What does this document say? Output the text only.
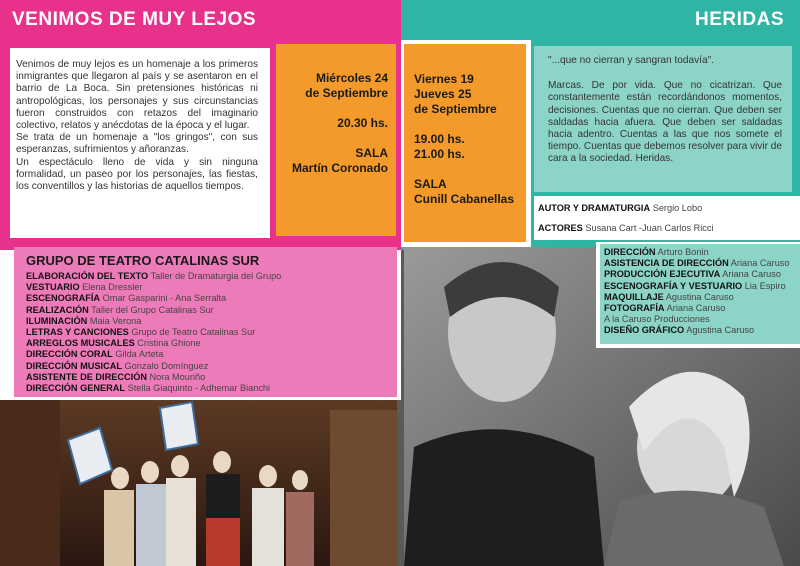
VENIMOS DE MUY LEJOS	HERIDAS
Venimos de muy lejos es un homenaje a los primeros inmigrantes que llegaron al país y se asentaron en el barrio de La Boca. Sin pretensiones históricas ni antropológicas, los personajes y sus circunstancias fueron construidos con retazos del imaginario colectivo, relatos y anécdotas de la época y el lugar.
Se trata de un homenaje a "los gringos", con sus esperanzas, sufrimientos y añoranzas.
Un espectáculo lleno de vida y sin ninguna formalidad, un paseo por los personajes, las fiestas, los conventillos y las historias de aquellos tiempos.
Miércoles 24
de Septiembre
20.30 hs.
SALA
Martín Coronado
GRUPO DE TEATRO CATALINAS SUR
ELABORACIÓN DEL TEXTO Taller de Dramaturgia del Grupo
VESTUARIO Elena Dressler
ESCENOGRAFÍA Omar Gasparini - Ana Serralta
REALIZACIÓN Taller del Grupo Catalinas Sur
ILUMINACIÓN Maia Verona
LETRAS Y CANCIONES Grupo de Teatro Catalinas Sur
ARREGLOS MUSICALES Cristina Ghione
DIRECCIÓN CORAL Gilda Arteta
DIRECCIÓN MUSICAL Gonzalo Domínguez
ASISTENTE DE DIRECCIÓN Nora Mouriño
DIRECCIÓN GENERAL Stella Giaquinto - Adhemar Bianchi
Viernes 19
Jueves 25
de Septiembre
19.00 hs.
21.00 hs.
SALA
Cunill Cabanellas
"...que no cierran y sangran todavía".
Marcas. De por vida. Que no cicatrizan. Que constantemente están recordándonos momentos, decisiones. Cuentas que no cierran. Que deben ser saldadas hacia afuera. Que deben ser saldadas hacia adentro. Cuentas a las que nos somete el tiempo. Cuentas que debemos resolver para vivir de cara a la sociedad. Heridas.
AUTOR Y DRAMATURGIA Sergio Lobo
ACTORES Susana Cart -Juan Carlos Ricci
DIRECCIÓN Arturo Bonin
ASISTENCIA DE DIRECCIÓN Ariana Caruso
PRODUCCIÓN EJECUTIVA Ariana Caruso
ESCENOGRAFÍA Y VESTUARIO Lia Espiro
MAQUILLAJE Agustina Caruso
FOTOGRAFÍA Ariana Caruso
A la Caruso Producciones
DISEÑO GRÁFICO Agustina Caruso
